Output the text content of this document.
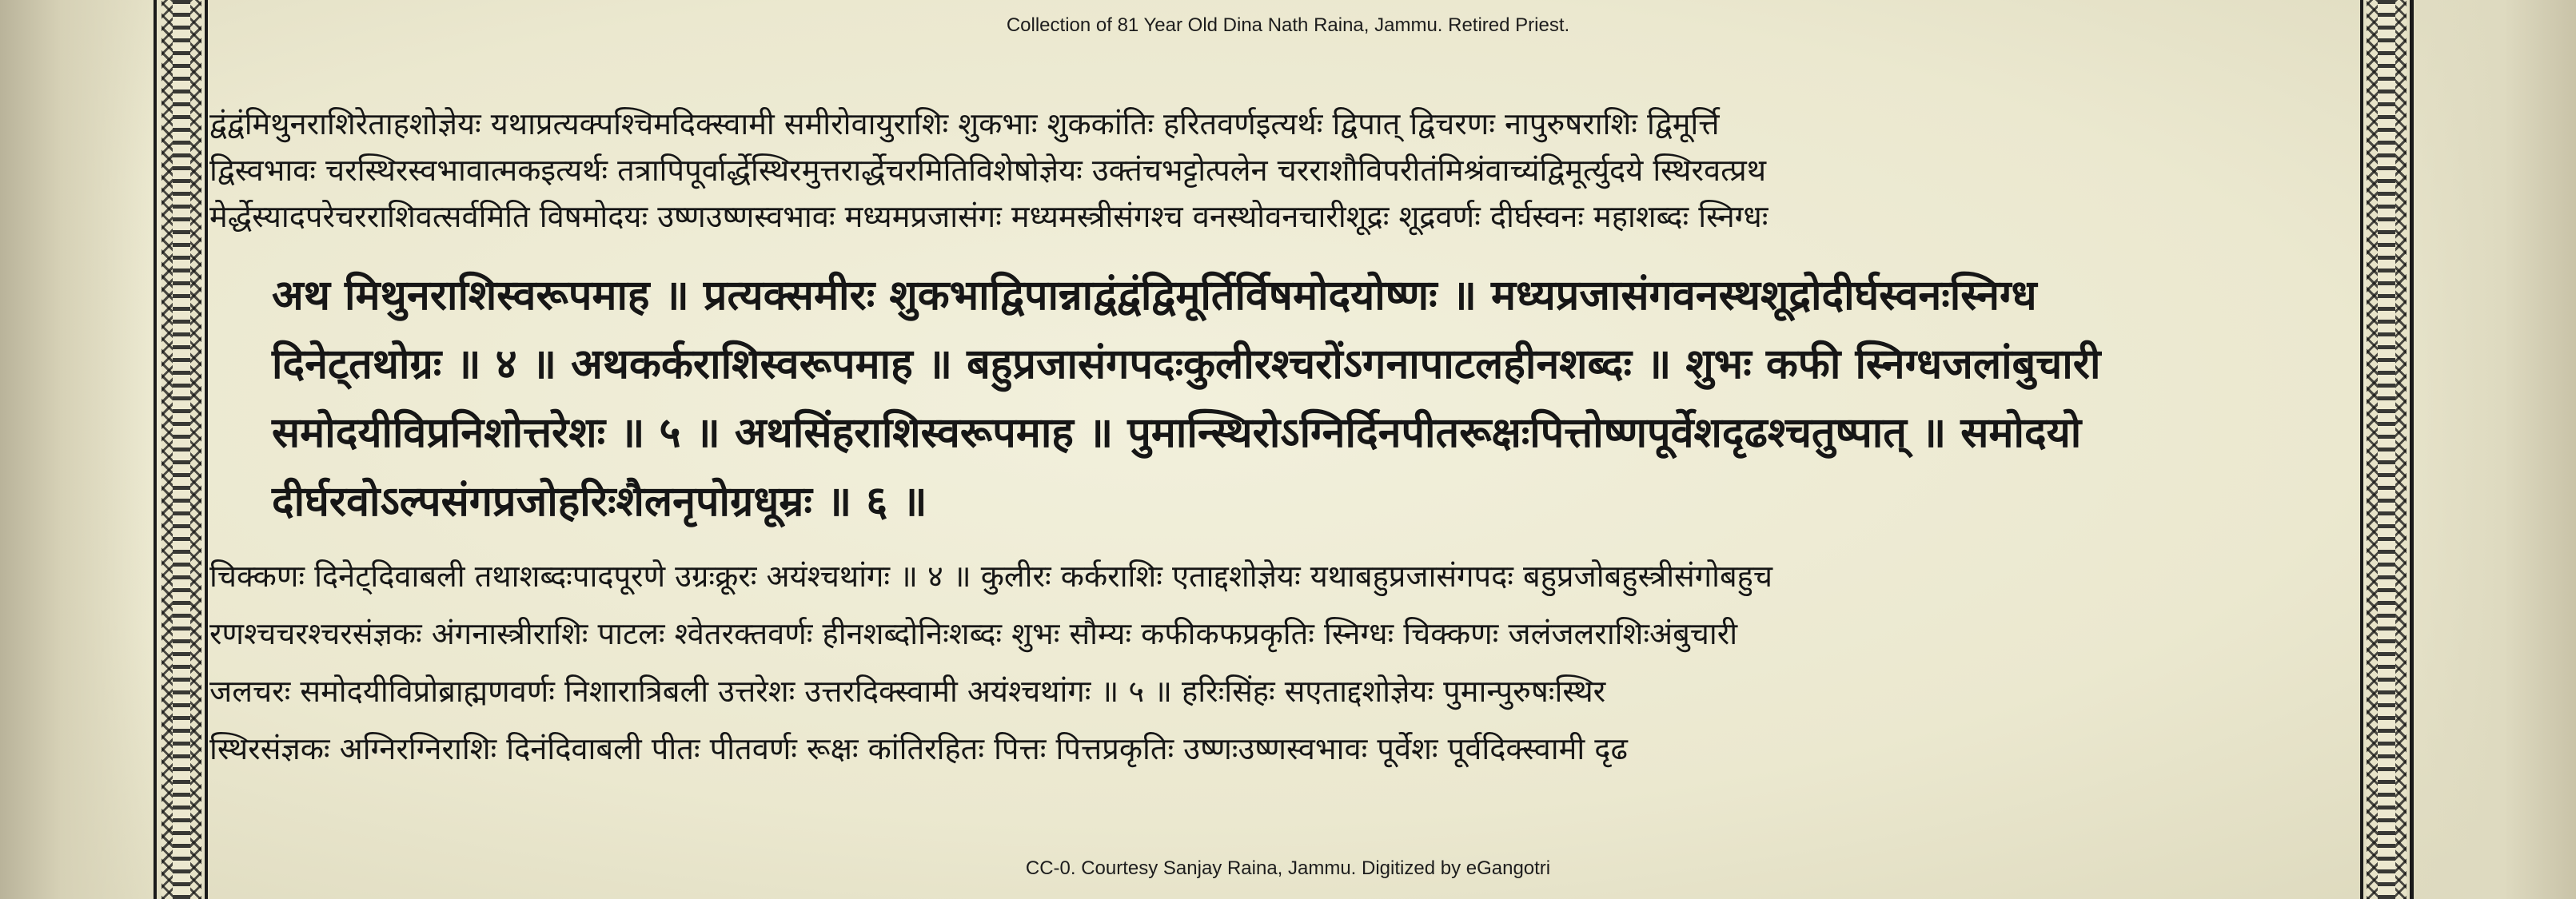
Collection of 81 Year Old Dina Nath Raina, Jammu. Retired Priest.
द्वंद्वंमिथुनराशिरेताहशोज्ञेयः यथाप्रत्यक्पश्चिमदिक्स्वामी समीरोवायुराशिः शुकभाः शुककांतिः हरितवर्णइत्यर्थः द्विपात् द्विचरणः नापुरुषराशिः द्विमूर्त्ति
द्विस्वभावः चरस्थिरस्वभावात्मकइत्यर्थः तत्रापिपूर्वार्द्धेस्थिरमुत्तरार्द्धेचरमितिविशेषोज्ञेयः उक्तंचभट्टोत्पलेन चरराशौविपरीतंमिश्रंवाच्यंद्विमूर्त्युदये स्थिरवत्प्रथ
मेर्द्धेस्यादपरेचरराशिवत्सर्वमिति विषमोदयः उष्णउष्णस्वभावः मध्यमप्रजासंगः मध्यमस्त्रीसंगश्च वनस्थोवनचारीशूद्रः शूद्रवर्णः दीर्घस्वनः महाशब्दः स्निग्धः
अथ मिथुनराशिस्वरूपमाह ॥ प्रत्यक्समीरः शुकभाद्विपान्नाद्वंद्वंद्विमूर्तिर्विषमोदयोष्णः ॥ मध्यप्रजासंगवनस्थशूद्रोदीर्घस्वनःस्निग्ध
दिनेट्तथोग्रः ॥ ४ ॥ अथकर्कराशिस्वरूपमाह ॥ बहुप्रजासंगपदःकुलीरश्चरोंऽगनापाटलहीनशब्दः ॥ शुभः कफी स्निग्धजलांबुचारी
समोदयीविप्रनिशोत्तरेशः ॥ ५ ॥ अथसिंहराशिस्वरूपमाह ॥ पुमान्स्थिरोऽग्निर्दिनपीतरूक्षःपित्तोष्णपूर्वेशदृढश्चतुष्पात् ॥ समोदयो
दीर्घरवोऽल्पसंगप्रजोहरिःशैलनृपोग्रधूम्रः ॥ ६ ॥
चिक्कणः दिनेट्दिवाबली तथाशब्दःपादपूरणे उग्रःक्रूरः अयंश्चथांगः ॥ ४ ॥ कुलीरः कर्कराशिः एताद्दशोज्ञेयः यथाबहुप्रजासंगपदः बहुप्रजोबहुस्त्रीसंगोबहुच
रणश्चचरश्चरसंज्ञकः अंगनास्त्रीराशिः पाटलः श्वेतरक्तवर्णः हीनशब्दोनिःशब्दः शुभः सौम्यः कफीकफप्रकृतिः स्निग्धः चिक्कणः जलंजलराशिःअंबुचारी
जलचरः समोदयीविप्रोब्राह्मणवर्णः निशारात्रिबली उत्तरेशः उत्तरदिक्स्वामी अयंश्चथांगः ॥ ५ ॥ हरिःसिंहः सएताद्दशोज्ञेयः पुमान्पुरुषःस्थिर
स्थिरसंज्ञकः अग्निरग्निराशिः दिनंदिवाबली पीतः पीतवर्णः रूक्षः कांतिरहितः पित्तः पित्तप्रकृतिः उष्णःउष्णस्वभावः पूर्वेशः पूर्वदिक्स्वामी दृढ
CC-0. Courtesy Sanjay Raina, Jammu. Digitized by eGangotri
